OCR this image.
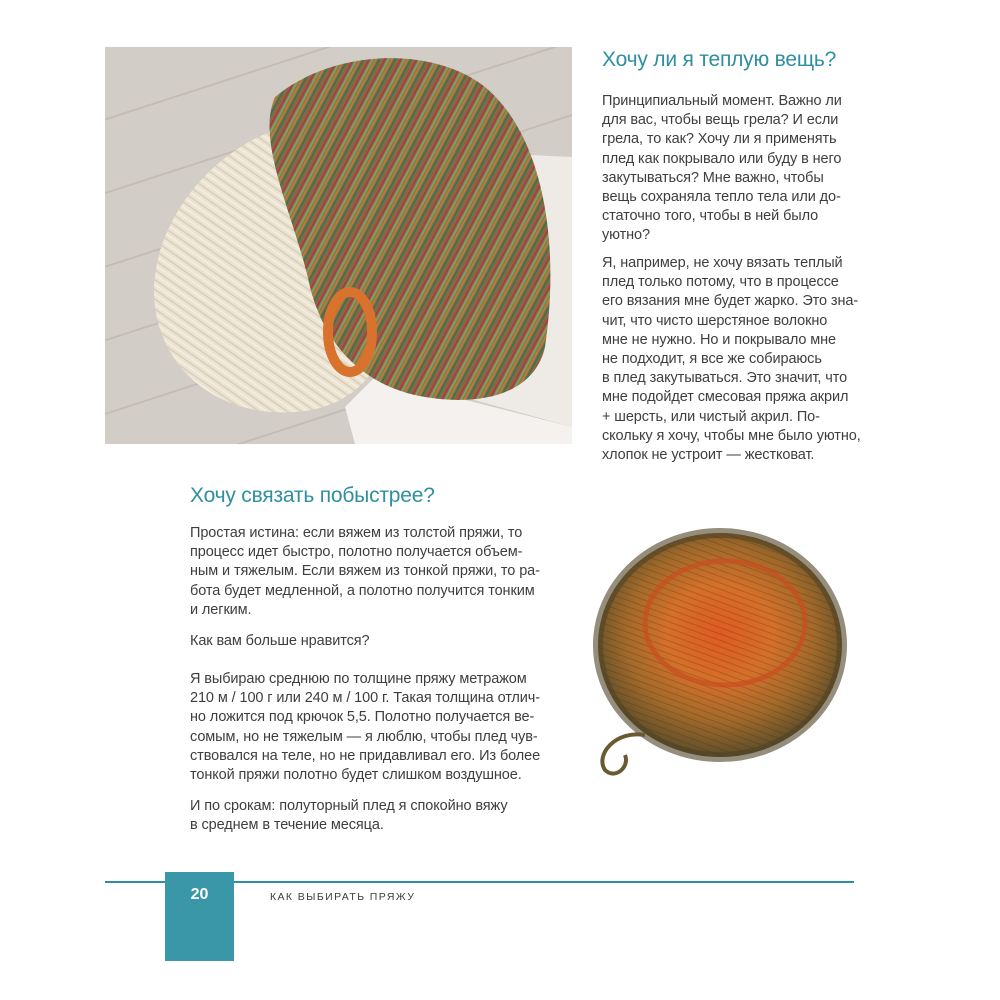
Хочу ли я теплую вещь?

Принципиальный момент. Важно ли
для вас, чтобы вещь грела? И если
грела, то как? Хочу ли я применять
плед как покрывало или буду в него
закутываться? Мне важно, чтобы
вещь сохраняла тепло тела или до-
статочно того, чтобы в ней было
уютно?

Я, например, не хочу вязать теплый
плед только потому, что в процессе
его вязания мне будет жарко. Это зна-
чит, что чисто шерстяное волокно
мне не нужно. Но и покрывало мне
не подходит, я все же собираюсь
в плед закутываться. Это значит, что
мне подойдет смесовая пряжа акрил
+ шерсть, или чистый акрил. По-
скольку я хочу, чтобы мне было уютно,
хлопок не устроит — жестковат.

Хочу связать побыстрее?

Простая истина: если вяжем из толстой пряжи, то
процесс идет быстро, полотно получается объем-
ным и тяжелым. Если вяжем из тонкой пряжи, то ра-
бота будет медленной, а полотно получится тонким
и легким.

Как вам больше нравится?

Я выбираю среднюю по толщине пряжу метражом
210 м / 100 г или 240 м / 100 г. Такая толщина отлич-
но ложится под крючок 5,5. Полотно получается ве-
сомым, но не тяжелым — я люблю, чтобы плед чув-
ствовался на теле, но не придавливал его. Из более
тонкой пряжи полотно будет слишком воздушное.

И по срокам: полуторный плед я спокойно вяжу
в среднем в течение месяца.

20	КАК ВЫБИРАТЬ ПРЯЖУ
